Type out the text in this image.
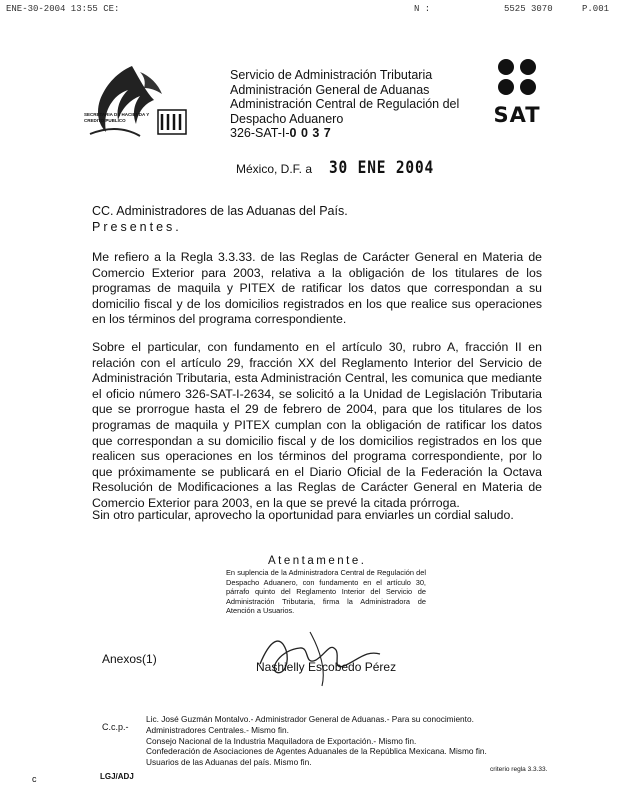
ENE-30-2004 13:55 CE:	N :	5525 3070	P.001
SECRETARIA DE HACIENDA Y CREDITO PUBLICO
Servicio de Administración Tributaria
Administración General de Aduanas
Administración Central de Regulación del
Despacho Aduanero
326-SAT-I-0 0 3 7
SAT
México, D.F. a 30 ENE 2004
CC. Administradores de las Aduanas del País.
Presentes.
Me refiero a la Regla 3.3.33. de las Reglas de Carácter General en Materia de Comercio Exterior para 2003, relativa a la obligación de los titulares de los programas de maquila y PITEX de ratificar los datos que correspondan a su domicilio fiscal y de los domicilios registrados en los que realice sus operaciones en los términos del programa correspondiente.
Sobre el particular, con fundamento en el artículo 30, rubro A, fracción II en relación con el artículo 29, fracción XX del Reglamento Interior del Servicio de Administración Tributaria, esta Administración Central, les comunica que mediante el oficio número 326-SAT-I-2634, se solicitó a la Unidad de Legislación Tributaria que se prorrogue hasta el 29 de febrero de 2004, para que los titulares de los programas de maquila y PITEX cumplan con la obligación de ratificar los datos que correspondan a su domicilio fiscal y de los domicilios registrados en los que realicen sus operaciones en los términos del programa correspondiente, por lo que próximamente se publicará en el Diario Oficial de la Federación la Octava Resolución de Modificaciones a las Reglas de Carácter General en Materia de Comercio Exterior para 2003, en la que se prevé la citada prórroga.
Sin otro particular, aprovecho la oportunidad para enviarles un cordial saludo.
Atentamente.
En suplencia de la Administradora Central de Regulación del Despacho Aduanero, con fundamento en el artículo 30, párrafo quinto del Reglamento Interior del Servicio de Administración Tributaria, firma la Administradora de Atención a Usuarios.
Anexos(1)
Nashielly Escobedo Pérez
C.c.p.-
Lic. José Guzmán Montalvo.- Administrador General de Aduanas.- Para su conocimiento.
Administradores Centrales.- Mismo fin.
Consejo Nacional de la Industria Maquiladora de Exportación.- Mismo fin.
Confederación de Asociaciones de Agentes Aduanales de la República Mexicana. Mismo fin.
Usuarios de las Aduanas del país. Mismo fin.
c	LGJ/ADJ
criterio regla 3.3.33.
